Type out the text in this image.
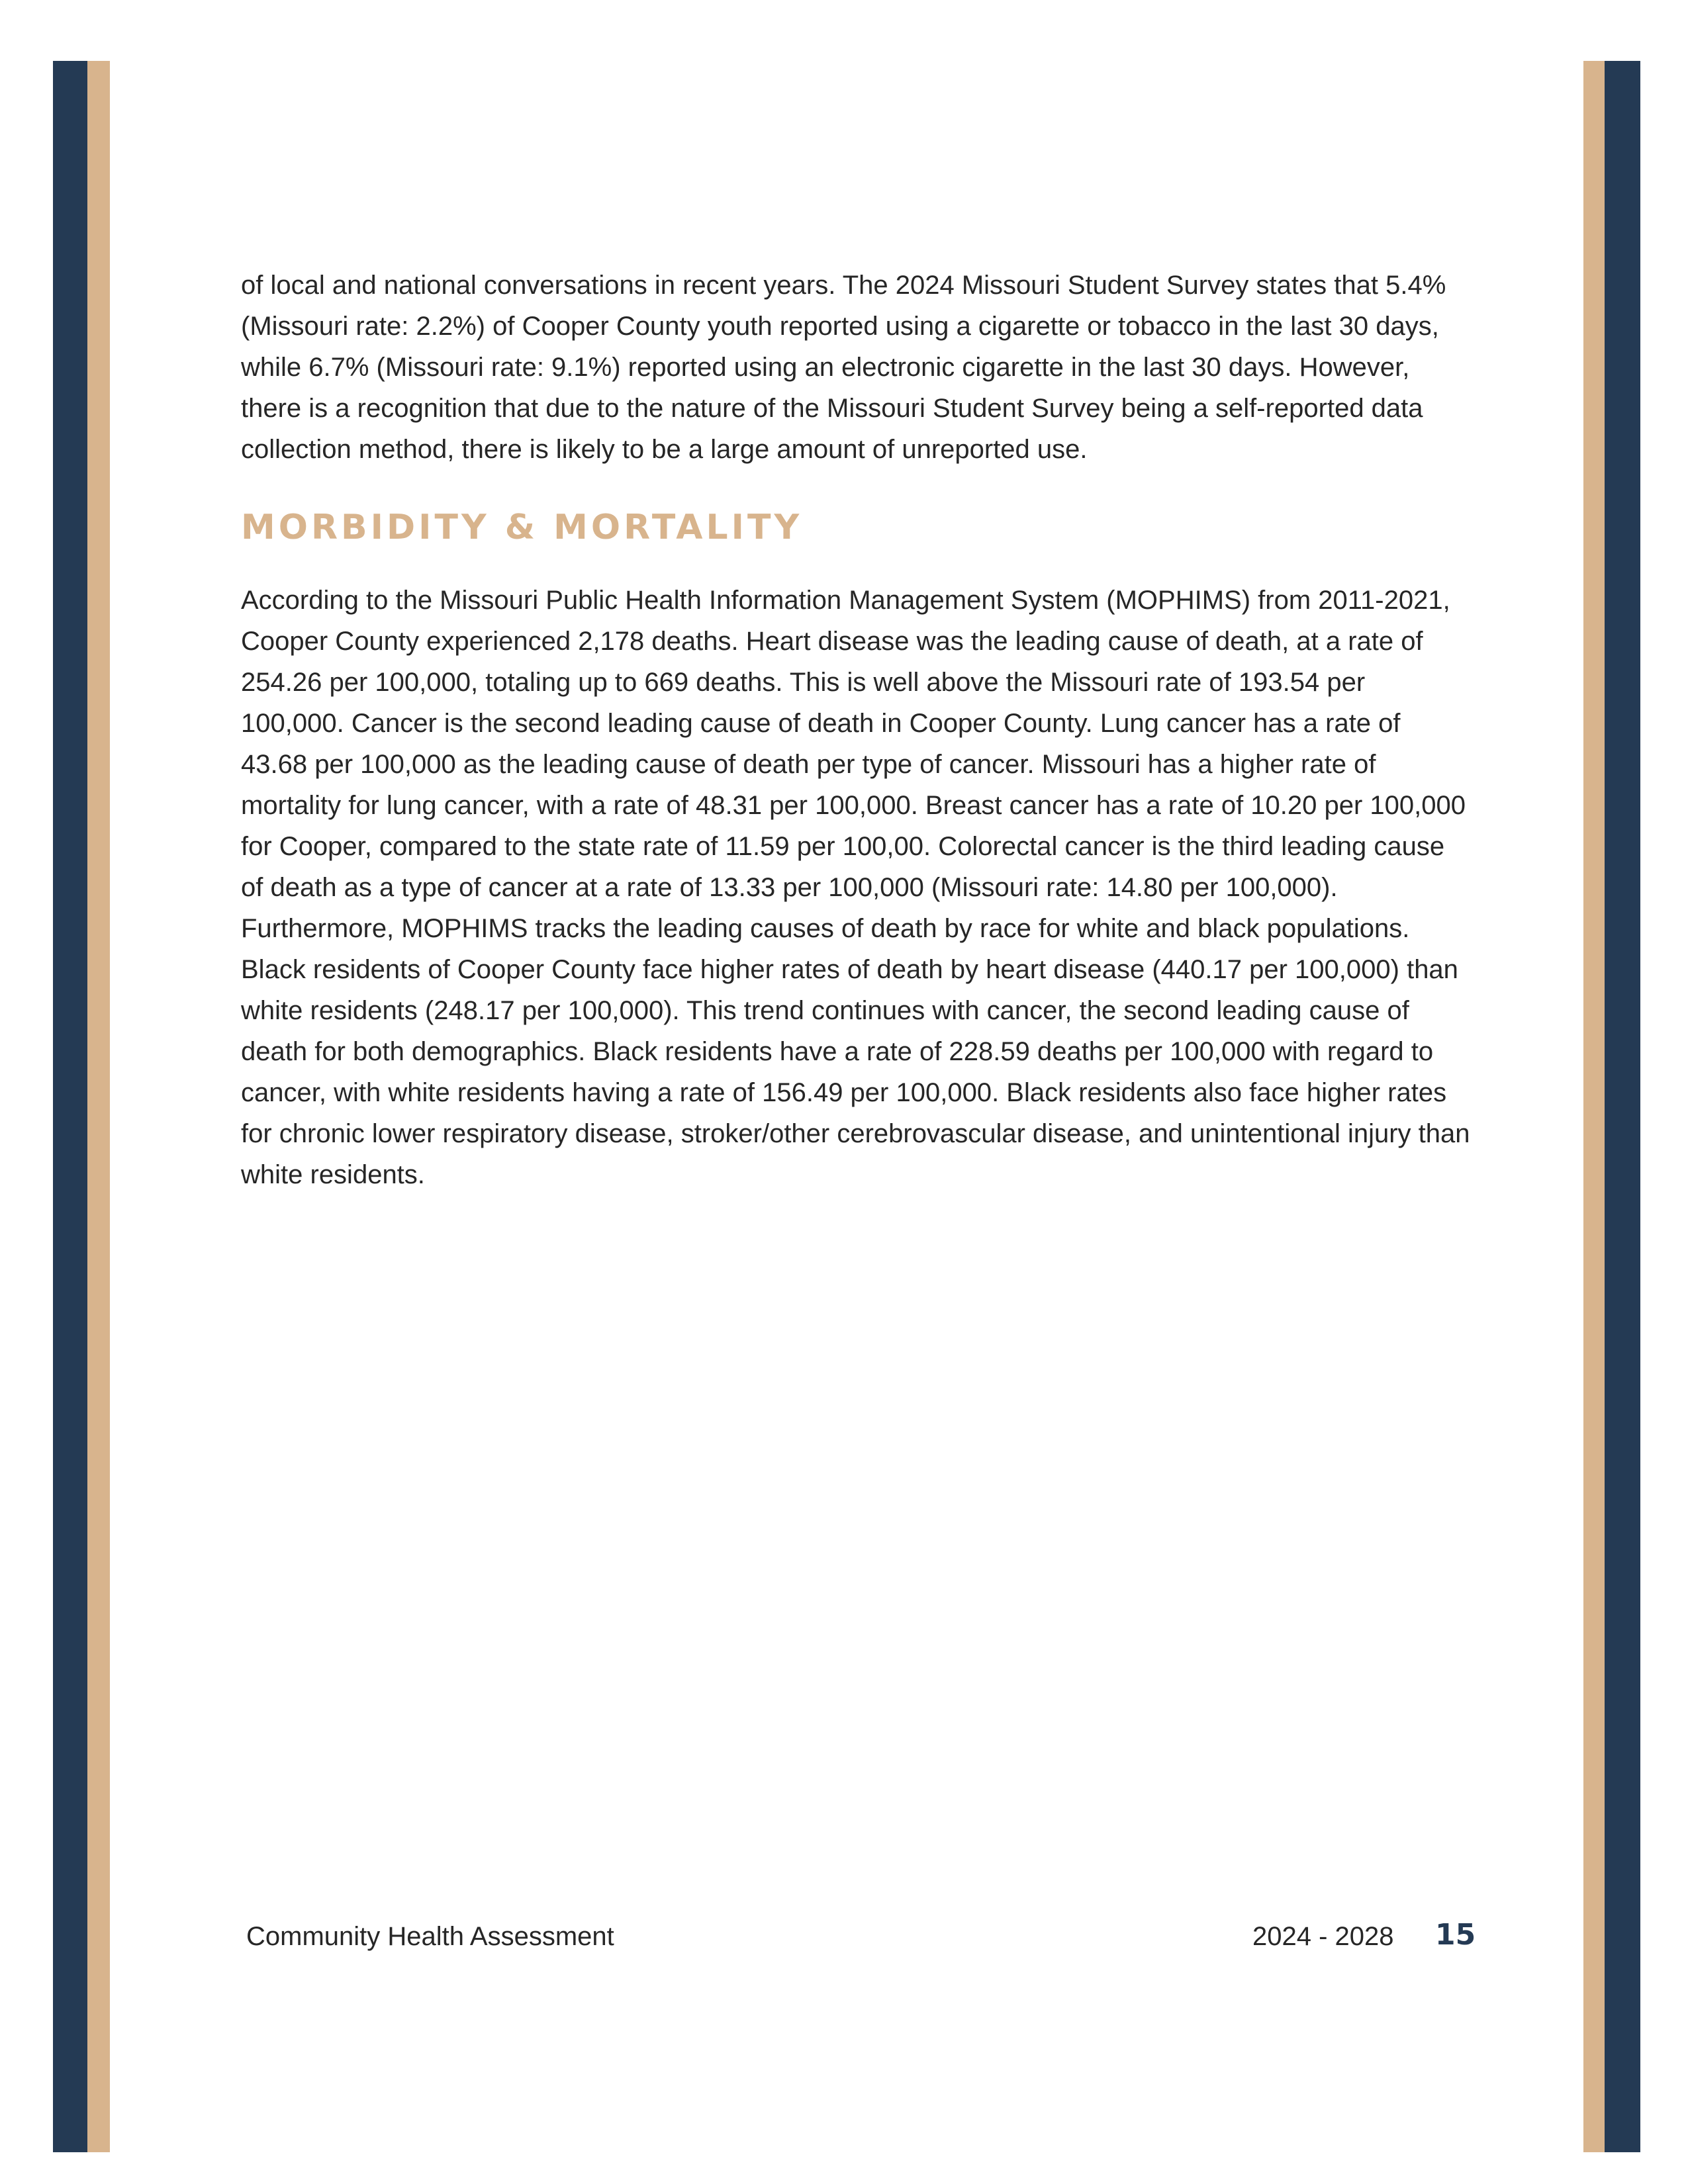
of local and national conversations in recent years. The 2024 Missouri Student Survey states that 5.4% (Missouri rate: 2.2%) of Cooper County youth reported using a cigarette or tobacco in the last 30 days, while 6.7% (Missouri rate: 9.1%) reported using an electronic cigarette in the last 30 days. However, there is a recognition that due to the nature of the Missouri Student Survey being a self-reported data collection method, there is likely to be a large amount of unreported use.

MORBIDITY & MORTALITY

According to the Missouri Public Health Information Management System (MOPHIMS) from 2011-2021, Cooper County experienced 2,178 deaths. Heart disease was the leading cause of death, at a rate of 254.26 per 100,000, totaling up to 669 deaths. This is well above the Missouri rate of 193.54 per 100,000. Cancer is the second leading cause of death in Cooper County. Lung cancer has a rate of 43.68 per 100,000 as the leading cause of death per type of cancer. Missouri has a higher rate of mortality for lung cancer, with a rate of 48.31 per 100,000. Breast cancer has a rate of 10.20 per 100,000 for Cooper, compared to the state rate of 11.59 per 100,00. Colorectal cancer is the third leading cause of death as a type of cancer at a rate of 13.33 per 100,000 (Missouri rate: 14.80 per 100,000). Furthermore, MOPHIMS tracks the leading causes of death by race for white and black populations. Black residents of Cooper County face higher rates of death by heart disease (440.17 per 100,000) than white residents (248.17 per 100,000). This trend continues with cancer, the second leading cause of death for both demographics. Black residents have a rate of 228.59 deaths per 100,000 with regard to cancer, with white residents having a rate of 156.49 per 100,000. Black residents also face higher rates for chronic lower respiratory disease, stroker/other cerebrovascular disease, and unintentional injury than white residents.

Community Health Assessment	2024 - 2028 15
